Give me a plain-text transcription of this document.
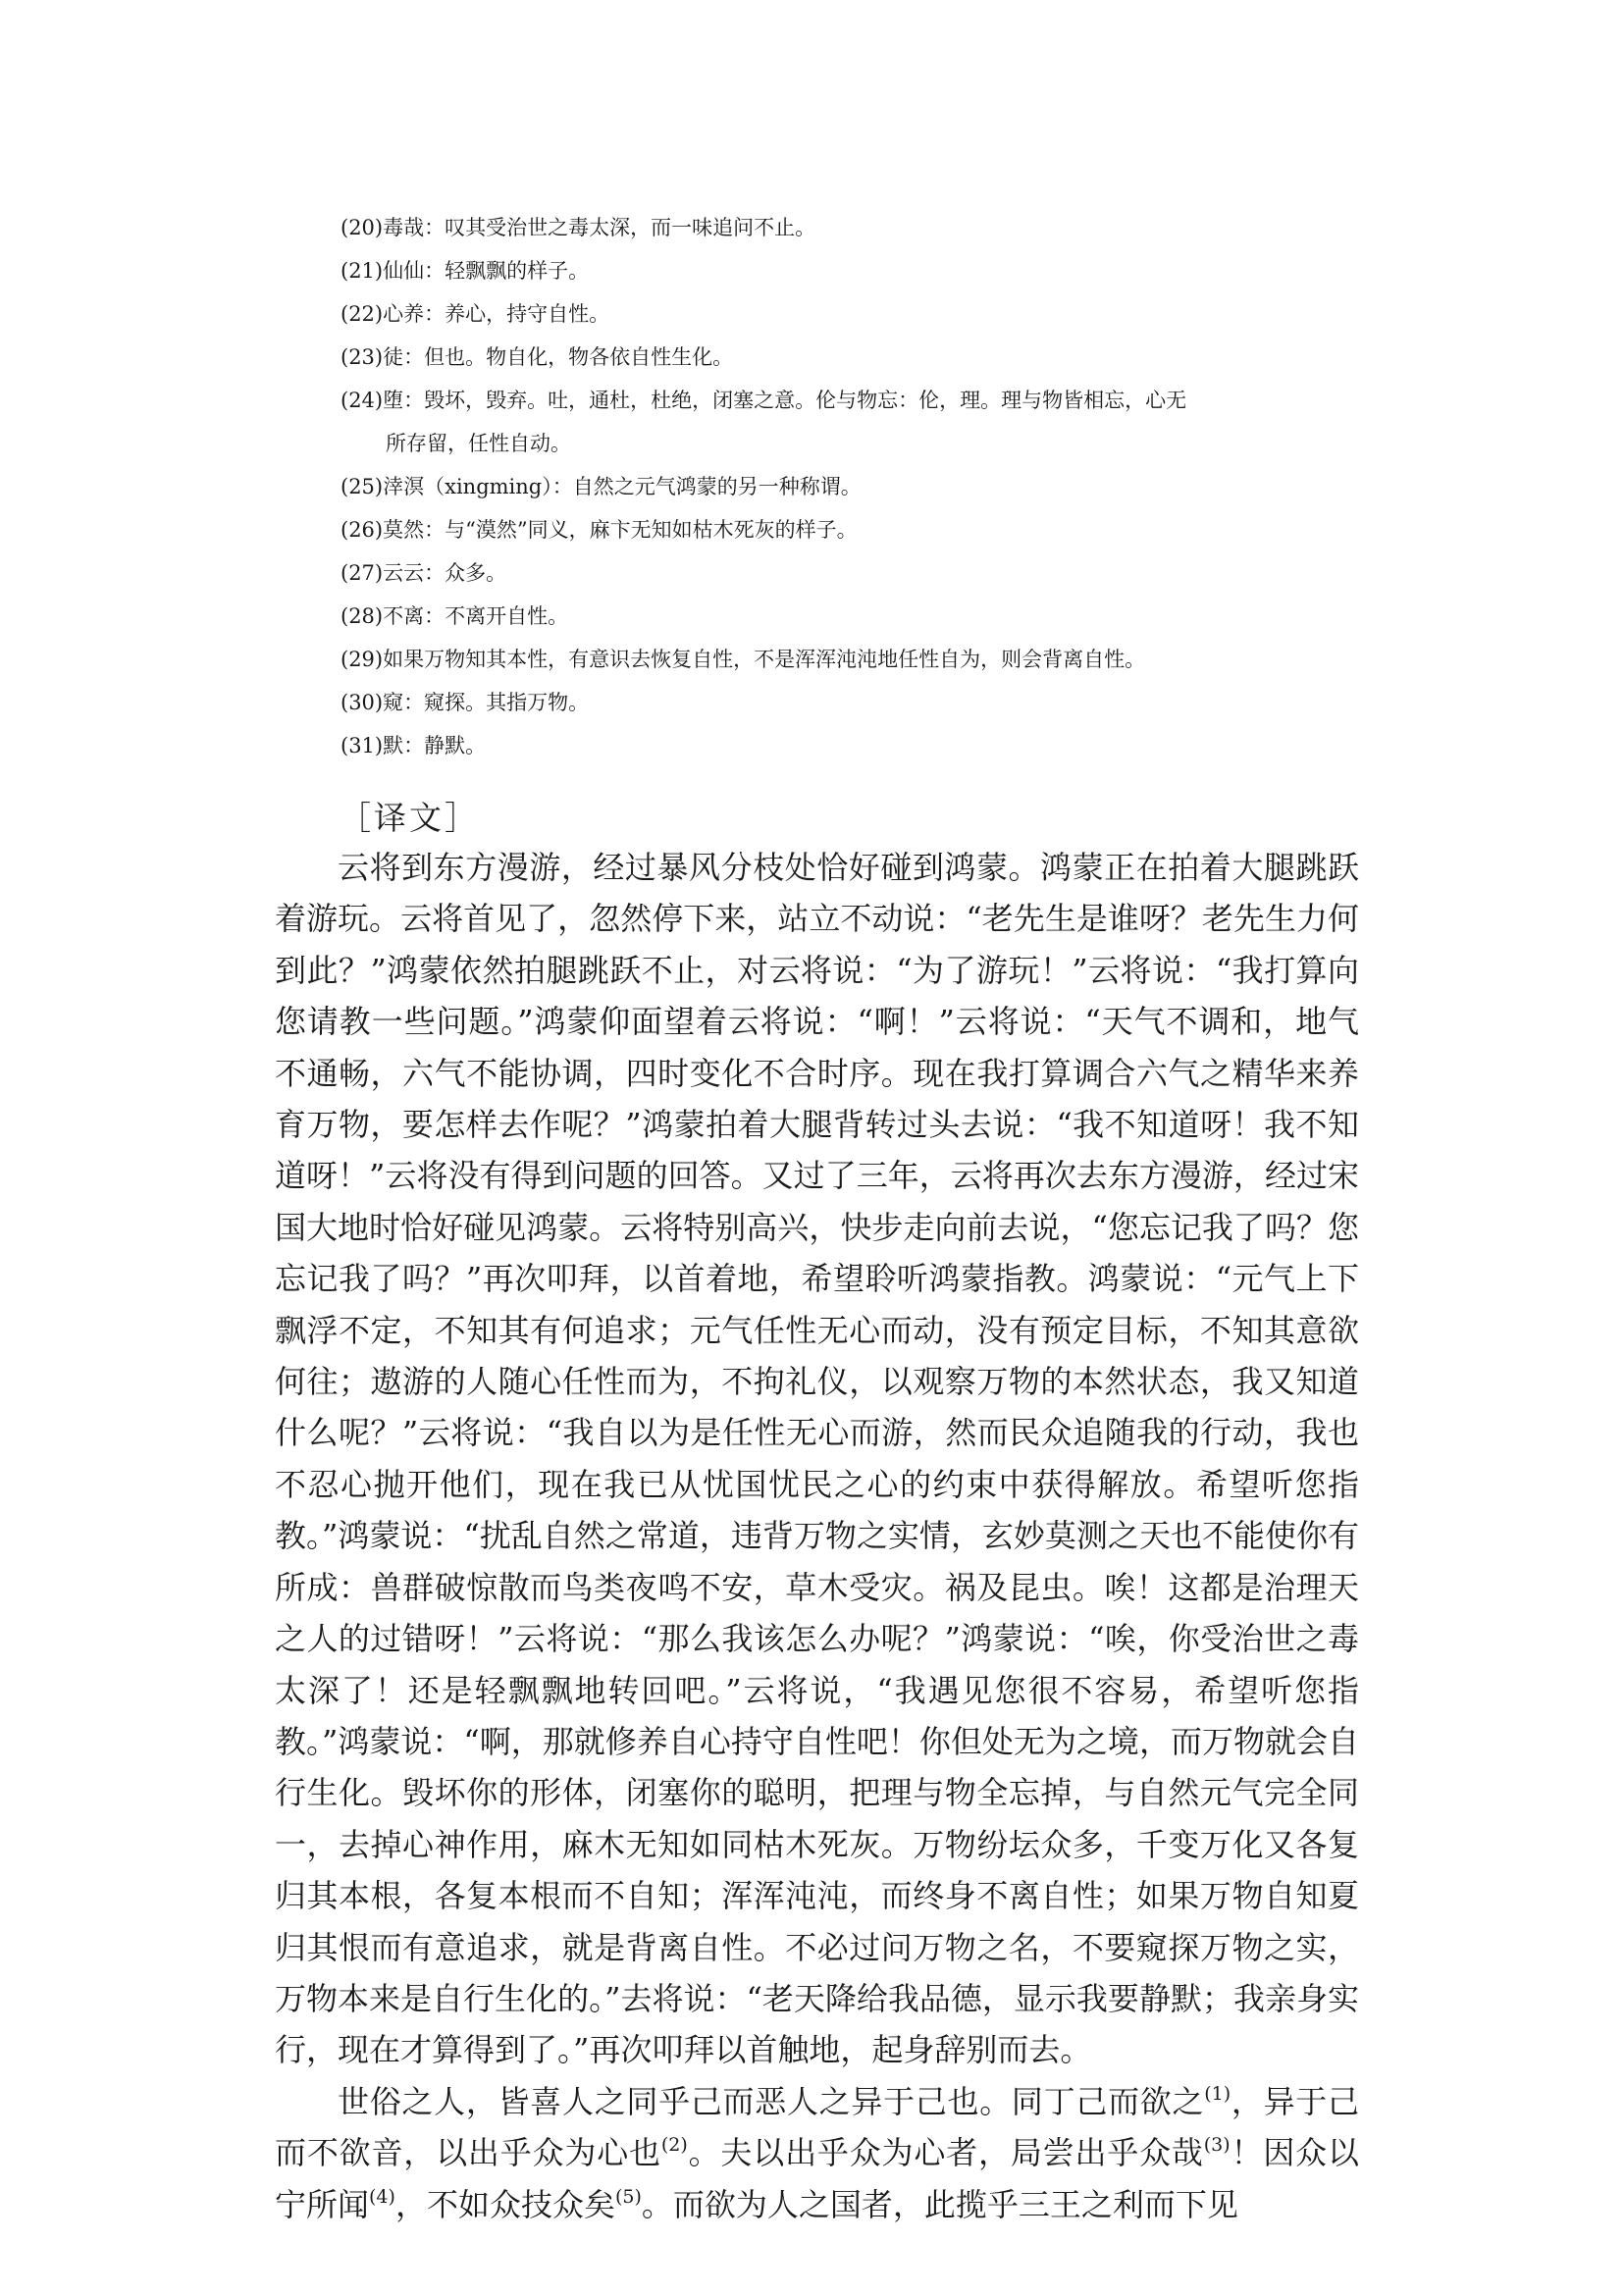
(20)毒哉：叹其受治世之毒太深，而一味追问不止。

(21)仙仙：轻飘飘的样子。

(22)心养：养心，持守自性。

(23)徒：但也。物自化，物各依自性生化。

(24)堕：毁坏，毁弃。吐，通杜，杜绝，闭塞之意。伦与物忘：伦，理。理与物皆相忘，心无
所存留，任性自动。

(25)涬溟（xingming）：自然之元气鸿蒙的另一种称谓。

(26)莫然：与“漠然”同义，麻卞无知如枯木死灰的样子。

(27)云云：众多。

(28)不离：不离开自性。

(29)如果万物知其本性，有意识去恢复自性，不是浑浑沌沌地任性自为，则会背离自性。

(30)窥：窥探。其指万物。

(31)默：静默。

［译文］

云将到东方漫游，经过暴风分枝处恰好碰到鸿蒙。鸿蒙正在拍着大腿跳跃着游玩。云将首见了，忽然停下来，站立不动说：“老先生是谁呀？老先生力何到此？”鸿蒙依然拍腿跳跃不止，对云将说：“为了游玩！”云将说：“我打算向您请教一些问题。”鸿蒙仰面望着云将说：“啊！”云将说：“天气不调和，地气不通畅，六气不能协调，四时变化不合时序。现在我打算调合六气之精华来养育万物，要怎样去作呢？”鸿蒙拍着大腿背转过头去说：“我不知道呀！我不知道呀！”云将没有得到问题的回答。又过了三年，云将再次去东方漫游，经过宋国大地时恰好碰见鸿蒙。云将特别高兴，快步走向前去说，“您忘记我了吗？您忘记我了吗？”再次叩拜，以首着地，希望聆听鸿蒙指教。鸿蒙说：“元气上下飘浮不定，不知其有何追求；元气任性无心而动，没有预定目标，不知其意欲何往；遨游的人随心任性而为，不拘礼仪，以观察万物的本然状态，我又知道什么呢？”云将说：“我自以为是任性无心而游，然而民众追随我的行动，我也不忍心抛开他们，现在我已从忧国忧民之心的约束中获得解放。希望听您指教。”鸿蒙说：“扰乱自然之常道，违背万物之实情，玄妙莫测之天也不能使你有所成：兽群破惊散而鸟类夜鸣不安，草木受灾。祸及昆虫。唉！这都是治理天之人的过错呀！”云将说：“那么我该怎么办呢？”鸿蒙说：“唉，你受治世之毒太深了！还是轻飘飘地转回吧。”云将说，“我遇见您很不容易，希望听您指教。”鸿蒙说：“啊，那就修养自心持守自性吧！你但处无为之境，而万物就会自行生化。毁坏你的形体，闭塞你的聪明，把理与物全忘掉，与自然元气完全同一，去掉心神作用，麻木无知如同枯木死灰。万物纷坛众多，千变万化又各复归其本根，各复本根而不自知；浑浑沌沌，而终身不离自性；如果万物自知夏归其恨而有意追求，就是背离自性。不必过问万物之名，不要窥探万物之实，万物本来是自行生化的。”去将说：“老天降给我品德，显示我要静默；我亲身实行，现在才算得到了。”再次叩拜以首触地，起身辞别而去。

世俗之人，皆喜人之同乎己而恶人之异于己也。同丁己而欲之$^{(1)}$，异于己而不欲音，以出乎众为心也$^{(2)}$。夫以出乎众为心者，局尝出乎众哉$^{(3)}$！因众以宁所闻$^{(4)}$，不如众技众矣$^{(5)}$。而欲为人之国者，此揽乎三王之利而下见
